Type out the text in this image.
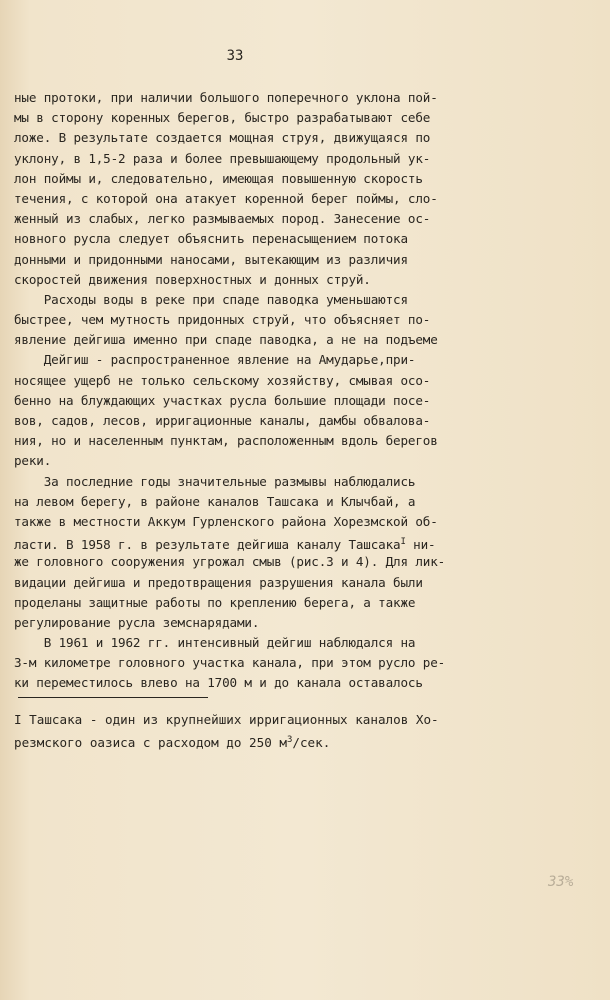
33
ные протоки, при наличии большого поперечного уклона пой-
мы в сторону коренных берегов, быстро разрабатывают себе
ложе. В результате создается мощная струя, движущаяся по
уклону, в 1,5-2 раза и более превышающему продольный ук-
лон поймы и, следовательно, имеющая повышенную скорость
течения, с которой она атакует коренной берег поймы, сло-
женный из слабых, легко размываемых пород. Занесение ос-
новного русла следует объяснить перенасыщением потока
донными и придонными наносами, вытекающим из различия
скоростей движения поверхностных и донных струй.
Расходы воды в реке при спаде паводка уменьшаются
быстрее, чем мутность придонных струй, что объясняет по-
явление дейгиша именно при спаде паводка, а не на подъеме
Дейгиш - распространенное явление на Амударье,при-
носящее ущерб не только сельскому хозяйству, смывая осо-
бенно на блуждающих участках русла большие площади посе-
вов, садов, лесов, ирригационные каналы, дамбы обвалова-
ния, но и населенным пунктам, расположенным вдоль берегов
реки.
За последние годы значительные размывы наблюдались
на левом берегу, в районе каналов Ташсака и Клычбай, а
также в местности Аккум Гурленского района Хорезмской об-
ласти. В 1958 г. в результате дейгиша каналу Ташсака$^I$ ни-
же головного сооружения угрожал смыв (рис.3 и 4). Для лик-
видации дейгиша и предотвращения разрушения канала были
проделаны защитные работы по креплению берега, а также
регулирование русла земснарядами.
В 1961 и 1962 гг. интенсивный дейгиш наблюдался на
3-м километре головного участка канала, при этом русло ре-
ки переместилось влево на 1700 м и до канала оставалось
I Ташсака - один из крупнейших ирригационных каналов Хо-
резмского оазиса с расходом до 250 $м^3$/сек.
33%
